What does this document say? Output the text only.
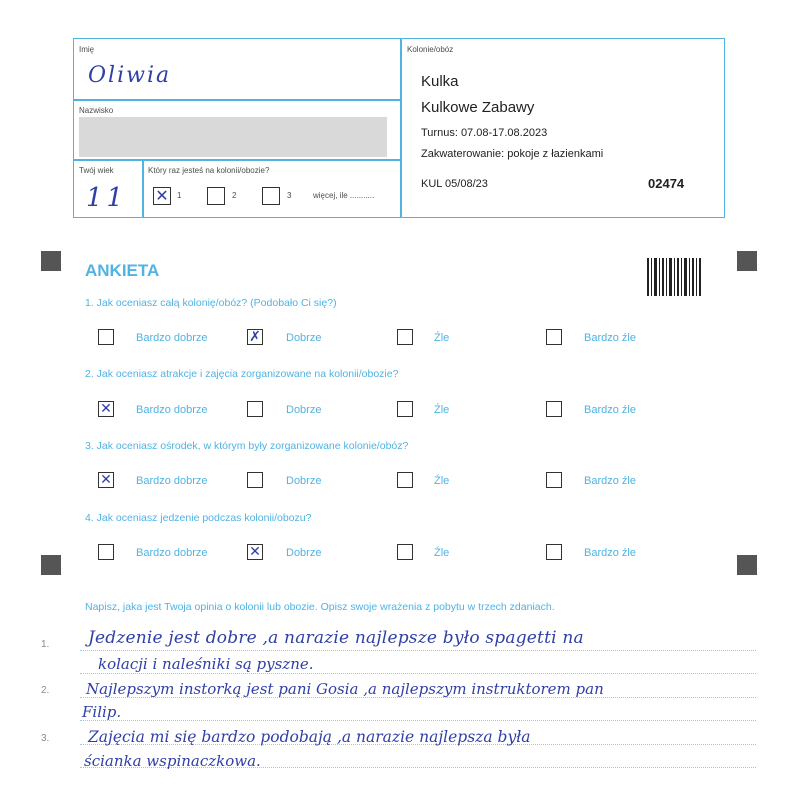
Imię
Oliwia
Nazwisko
Twój wiek
11
Który raz jesteś na kolonii/obozie?
✕ 1	2	3	więcej, ile ...........
Kolonie/obóz
Kulka
Kulkowe Zabawy
Turnus: 07.08-17.08.2023
Zakwaterowanie: pokoje z łazienkami
KUL 05/08/23	02474
ANKIETA
1. Jak oceniasz całą kolonię/obóz? (Podobało Ci się?)
Bardzo dobrze	✗ Dobrze	Źle	Bardzo źle
2. Jak oceniasz atrakcje i zajęcia zorganizowane na kolonii/obozie?
✕ Bardzo dobrze	Dobrze	Źle	Bardzo źle
3. Jak oceniasz ośrodek, w którym były zorganizowane kolonie/obóz?
✕ Bardzo dobrze	Dobrze	Źle	Bardzo źle
4. Jak oceniasz jedzenie podczas kolonii/obozu?
Bardzo dobrze	✕ Dobrze	Źle	Bardzo źle
Napisz, jaka jest Twoja opinia o kolonii lub obozie. Opisz swoje wrażenia z pobytu w trzech zdaniach.
1.
2.
3.
Jedzenie jest dobre ,a narazie najlepsze było spagetti na
kolacji i naleśniki są pyszne.
Najlepszym instorką jest pani Gosia ,a najlepszym instruktorem pan
Filip.
Zajęcia mi się bardzo podobają ,a narazie najlepsza była
ścianka wspinaczkowa.
